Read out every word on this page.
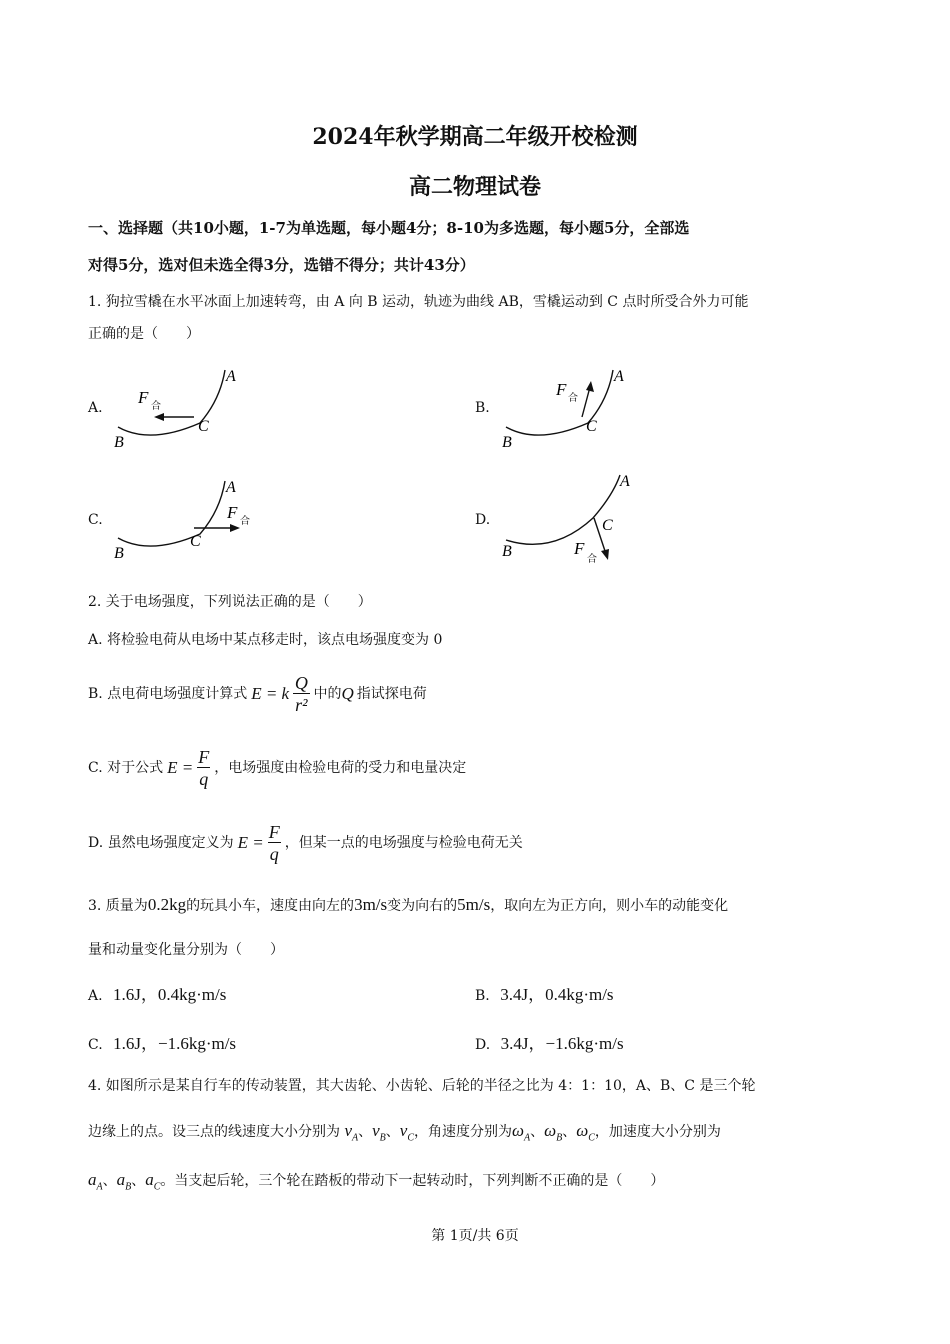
2024年秋学期高二年级开校检测
高二物理试卷
一、选择题（共10小题，1-7为单选题，每小题4分；8-10为多选题，每小题5分，全部选
对得5分，选对但未选全得3分，选错不得分；共计43分）
1. 狗拉雪橇在水平冰面上加速转弯，由 A 向 B 运动，轨迹为曲线 AB，雪橇运动到 C 点时所受合外力可能
正确的是（　　）
A.
F 合
A
B
C
B.
F 合
A
B
C
C.	F 合
A
B
C
D.
F
合
A
B
C
2. 关于电场强度，下列说法正确的是（　　）
A. 将检验电荷从电场中某点移走时，该点电场强度变为 0
B. 点电荷电场强度计算式 E = k $\frac{Q}{\text{r²}}$ 中的 Q 指试探电荷
C. 对于公式 $E = \frac{F}{q}$ ，电场强度由检验电荷的受力和电量决定
D. 虽然电场强度定义为 $E = \frac{F}{q}$ ，但某一点的电场强度与检验电荷无关
3. 质量为0.2kg的玩具小车，速度由向左的3m/s变为向右的5m/s，取向左为正方向，则小车的动能变化
量和动量变化量分别为（　　）
A. 1.6J，0.4kg·m/s	B. 3.4J，0.4kg·m/s
C. 1.6J，−1.6kg·m/s	D. 3.4J，−1.6kg·m/s
4. 如图所示是某自行车的传动装置，其大齿轮、小齿轮、后轮的半径之比为 4：1：10，A、B、C 是三个轮
边缘上的点。设三点的线速度大小分别为 $v_A$、$v_B$、$v_C$，角速度分别为$\omega_A$、$\omega_B$、$\omega_C$，加速度大小分别为
$a_A$、$a_B$、$a_C$。当支起后轮，三个轮在踏板的带动下一起转动时，下列判断不正确的是（　　）
第 1页/共 6页
